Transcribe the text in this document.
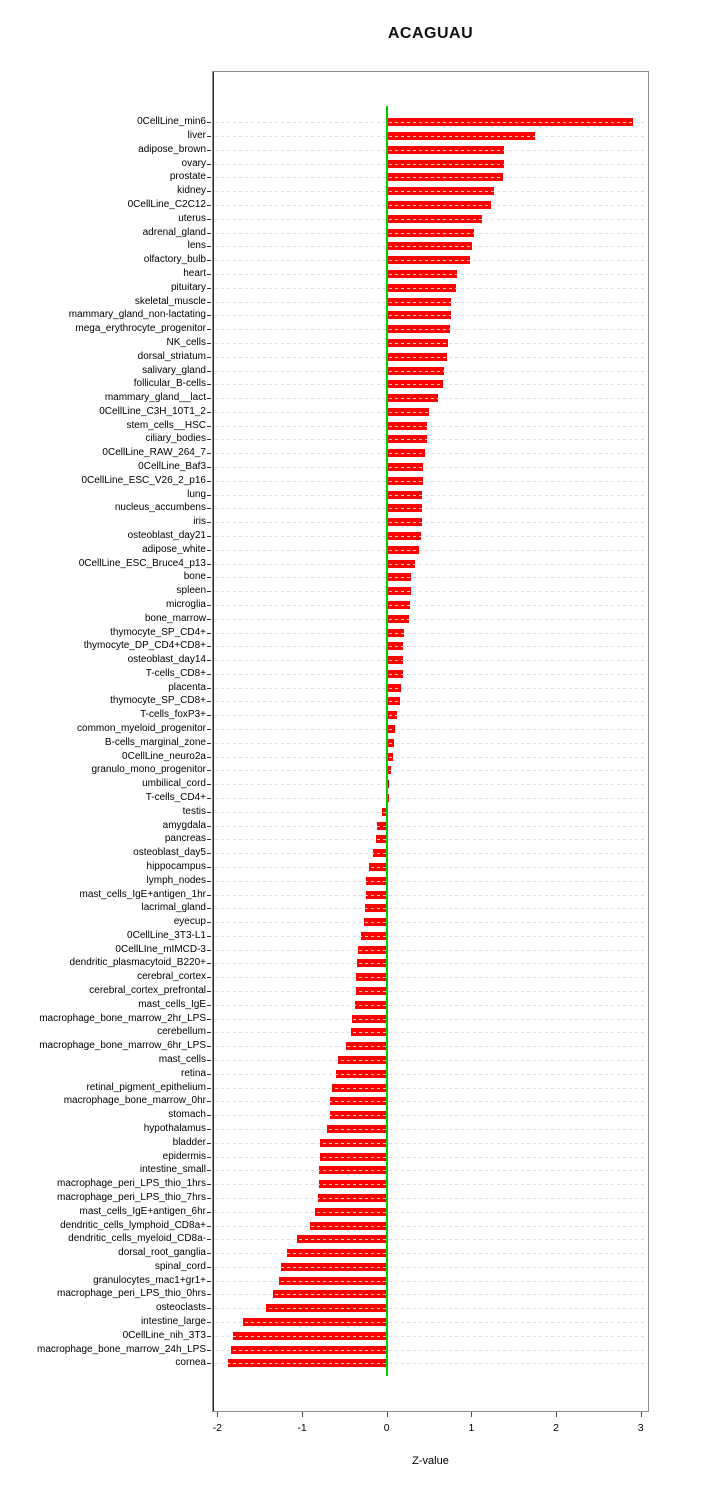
ACAGUAU
0CellLine_min6
liver
adipose_brown
ovary
prostate
kidney
0CellLine_C2C12
uterus
adrenal_gland
lens
olfactory_bulb
heart
pituitary
skeletal_muscle
mammary_gland_non-lactating
mega_erythrocyte_progenitor
NK_cells
dorsal_striatum
salivary_gland
follicular_B-cells
mammary_gland__lact
0CellLine_C3H_10T1_2
stem_cells__HSC
ciliary_bodies
0CellLine_RAW_264_7
0CellLine_Baf3
0CellLine_ESC_V26_2_p16
lung
nucleus_accumbens
iris
osteoblast_day21
adipose_white
0CellLine_ESC_Bruce4_p13
bone
spleen
microglia
bone_marrow
thymocyte_SP_CD4+
thymocyte_DP_CD4+CD8+
osteoblast_day14
T-cells_CD8+
placenta
thymocyte_SP_CD8+
T-cells_foxP3+
common_myeloid_progenitor
B-cells_marginal_zone
0CellLine_neuro2a
granulo_mono_progenitor
umbilical_cord
T-cells_CD4+
testis
amygdala
pancreas
osteoblast_day5
hippocampus
lymph_nodes
mast_cells_IgE+antigen_1hr
lacrimal_gland
eyecup
0CellLine_3T3-L1
0CellLIne_mIMCD-3
dendritic_plasmacytoid_B220+
cerebral_cortex
cerebral_cortex_prefrontal
mast_cells_IgE
macrophage_bone_marrow_2hr_LPS
cerebellum
macrophage_bone_marrow_6hr_LPS
mast_cells
retina
retinal_pigment_epithelium
macrophage_bone_marrow_0hr
stomach
hypothalamus
bladder
epidermis
intestine_small
macrophage_peri_LPS_thio_1hrs
macrophage_peri_LPS_thio_7hrs
mast_cells_IgE+antigen_6hr
dendritic_cells_lymphoid_CD8a+
dendritic_cells_myeloid_CD8a-
dorsal_root_ganglia
spinal_cord
granulocytes_mac1+gr1+
macrophage_peri_LPS_thio_0hrs
osteoclasts
intestine_large
0CellLine_nih_3T3
macrophage_bone_marrow_24h_LPS
cornea
-2	-1	0	1	2	3
Z-value
